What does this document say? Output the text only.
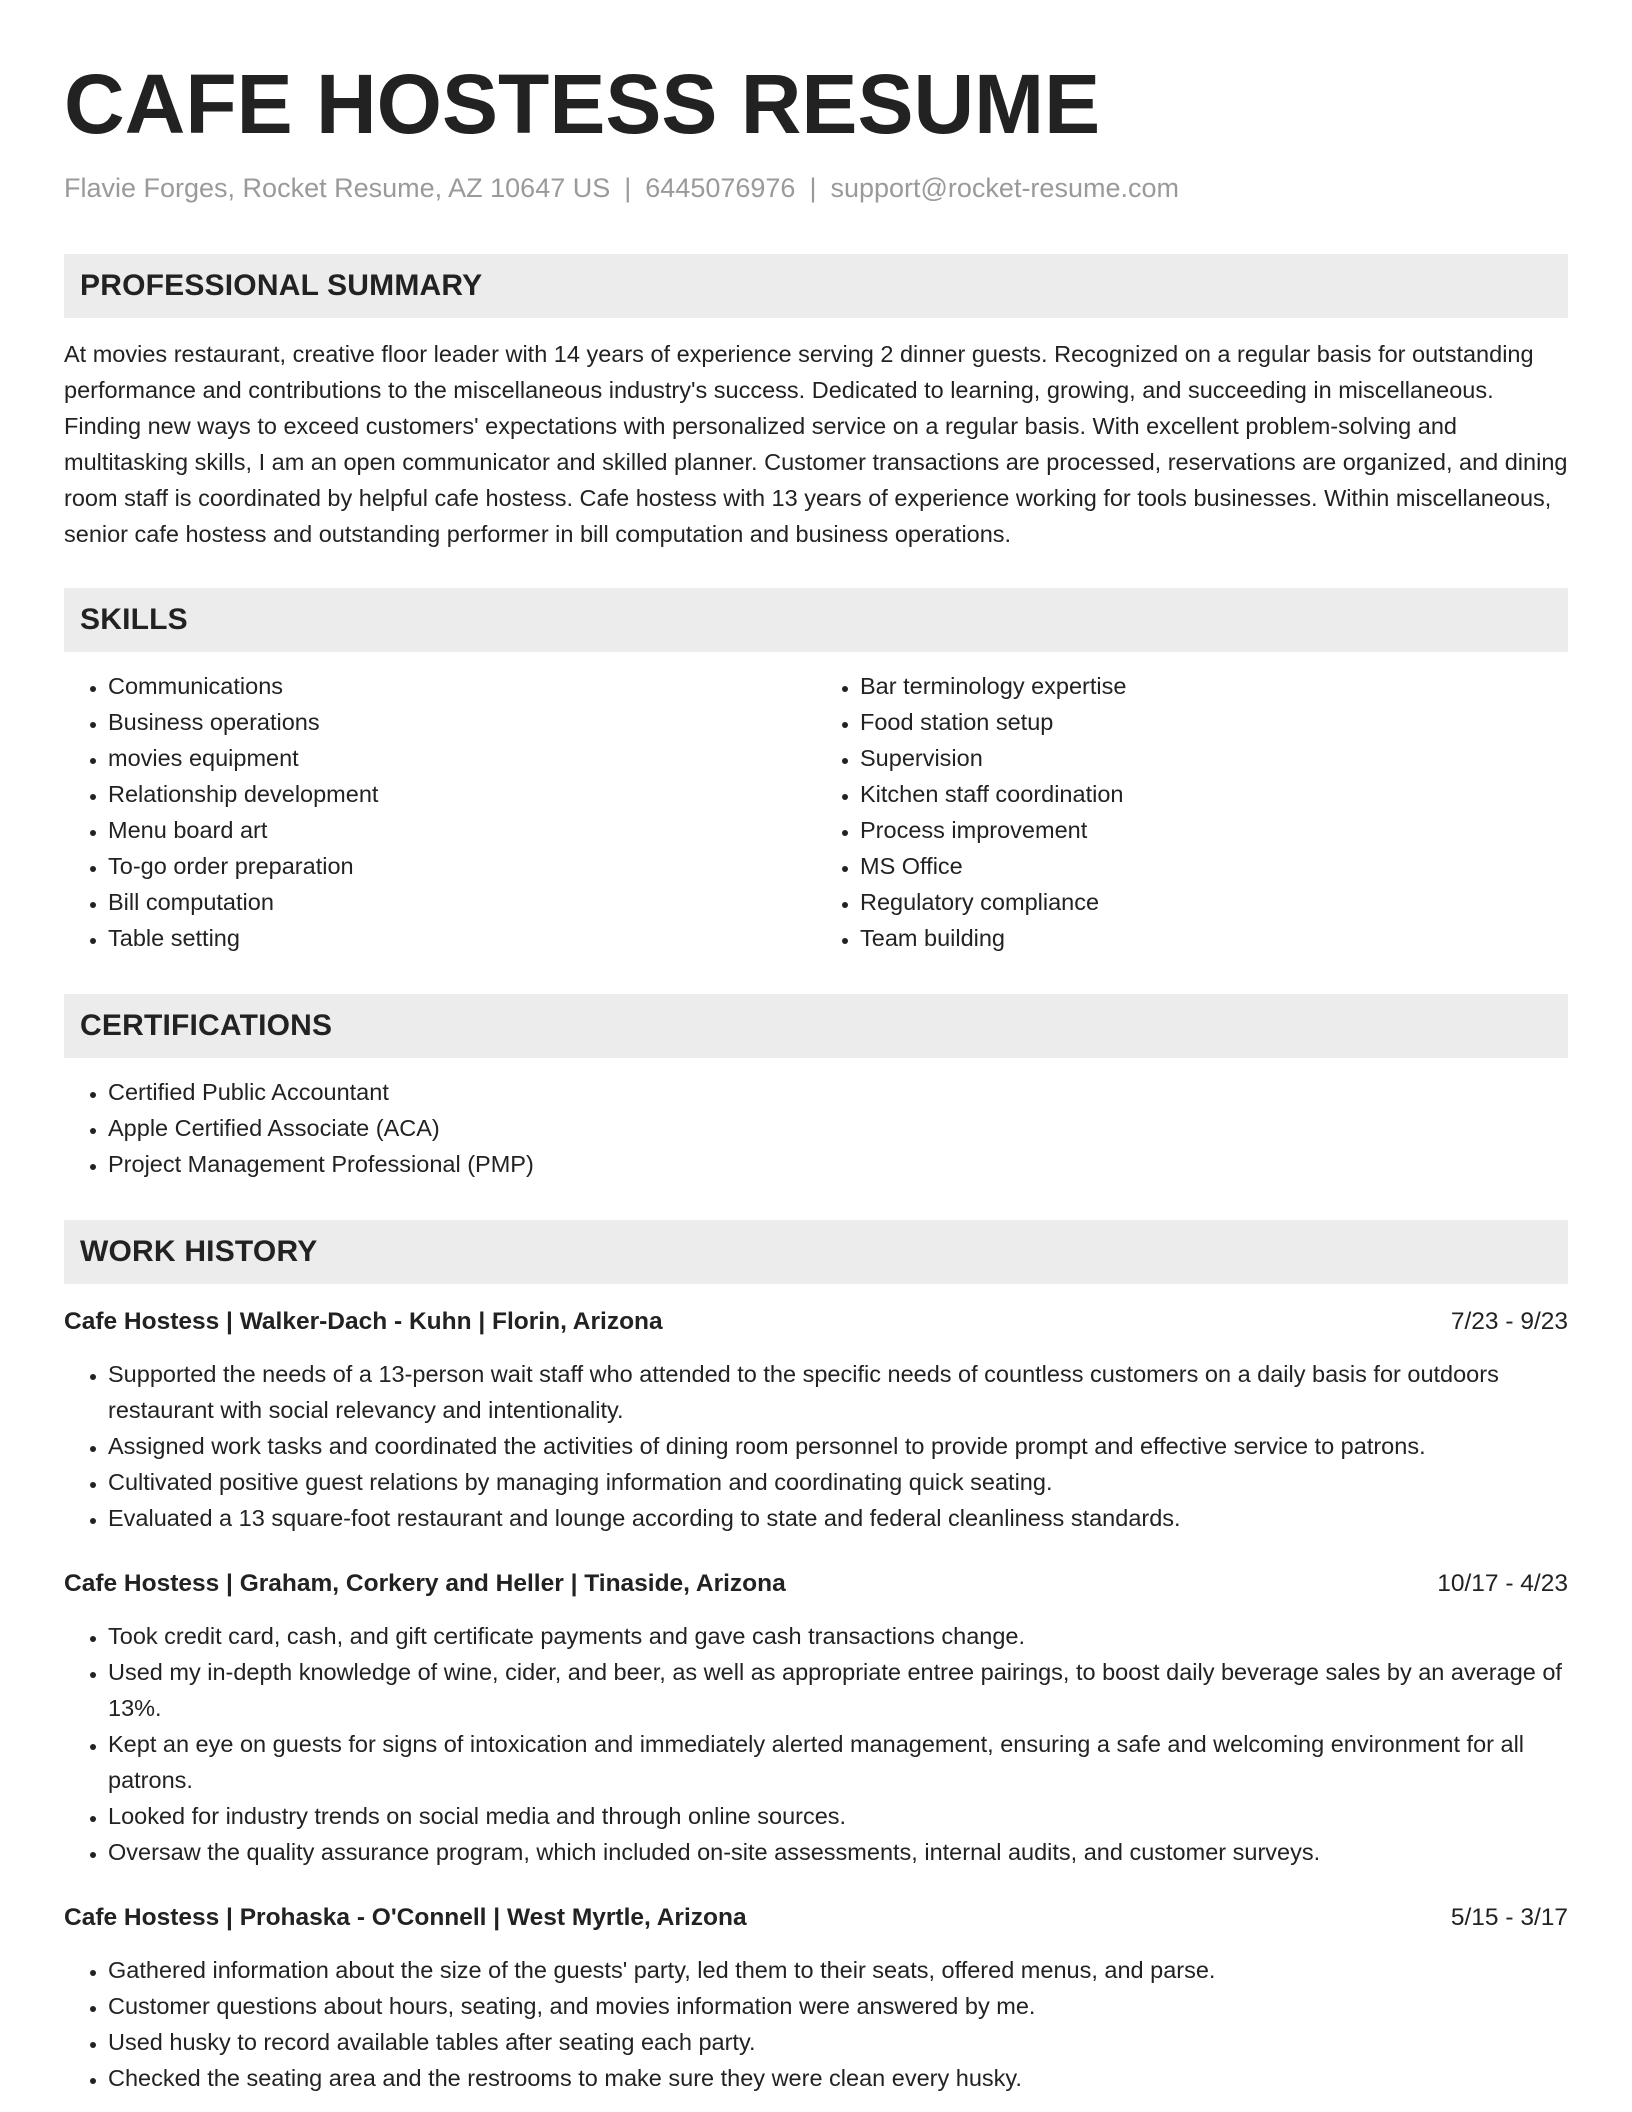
CAFE HOSTESS RESUME
Flavie Forges, Rocket Resume, AZ 10647 US | 6445076976 | support@rocket-resume.com
PROFESSIONAL SUMMARY

At movies restaurant, creative floor leader with 14 years of experience serving 2 dinner guests. Recognized on a regular basis for outstanding performance and contributions to the miscellaneous industry's success. Dedicated to learning, growing, and succeeding in miscellaneous. Finding new ways to exceed customers' expectations with personalized service on a regular basis. With excellent problem-solving and multitasking skills, I am an open communicator and skilled planner. Customer transactions are processed, reservations are organized, and dining room staff is coordinated by helpful cafe hostess. Cafe hostess with 13 years of experience working for tools businesses. Within miscellaneous, senior cafe hostess and outstanding performer in bill computation and business operations.

SKILLS
• Communications
• Business operations
• movies equipment
• Relationship development
• Menu board art
• To-go order preparation
• Bill computation
• Table setting
• Bar terminology expertise
• Food station setup
• Supervision
• Kitchen staff coordination
• Process improvement
• MS Office
• Regulatory compliance
• Team building
CERTIFICATIONS
• Certified Public Accountant
• Apple Certified Associate (ACA)
• Project Management Professional (PMP)
WORK HISTORY
Cafe Hostess | Walker-Dach - Kuhn | Florin, Arizona	7/23 - 9/23
• Supported the needs of a 13-person wait staff who attended to the specific needs of countless customers on a daily basis for outdoors restaurant with social relevancy and intentionality.
• Assigned work tasks and coordinated the activities of dining room personnel to provide prompt and effective service to patrons.
• Cultivated positive guest relations by managing information and coordinating quick seating.
• Evaluated a 13 square-foot restaurant and lounge according to state and federal cleanliness standards.
Cafe Hostess | Graham, Corkery and Heller | Tinaside, Arizona	10/17 - 4/23
• Took credit card, cash, and gift certificate payments and gave cash transactions change.
• Used my in-depth knowledge of wine, cider, and beer, as well as appropriate entree pairings, to boost daily beverage sales by an average of 13%.
• Kept an eye on guests for signs of intoxication and immediately alerted management, ensuring a safe and welcoming environment for all patrons.
• Looked for industry trends on social media and through online sources.
• Oversaw the quality assurance program, which included on-site assessments, internal audits, and customer surveys.
Cafe Hostess | Prohaska - O'Connell | West Myrtle, Arizona	5/15 - 3/17
• Gathered information about the size of the guests' party, led them to their seats, offered menus, and parse.
• Customer questions about hours, seating, and movies information were answered by me.
• Used husky to record available tables after seating each party.
• Checked the seating area and the restrooms to make sure they were clean every husky.
